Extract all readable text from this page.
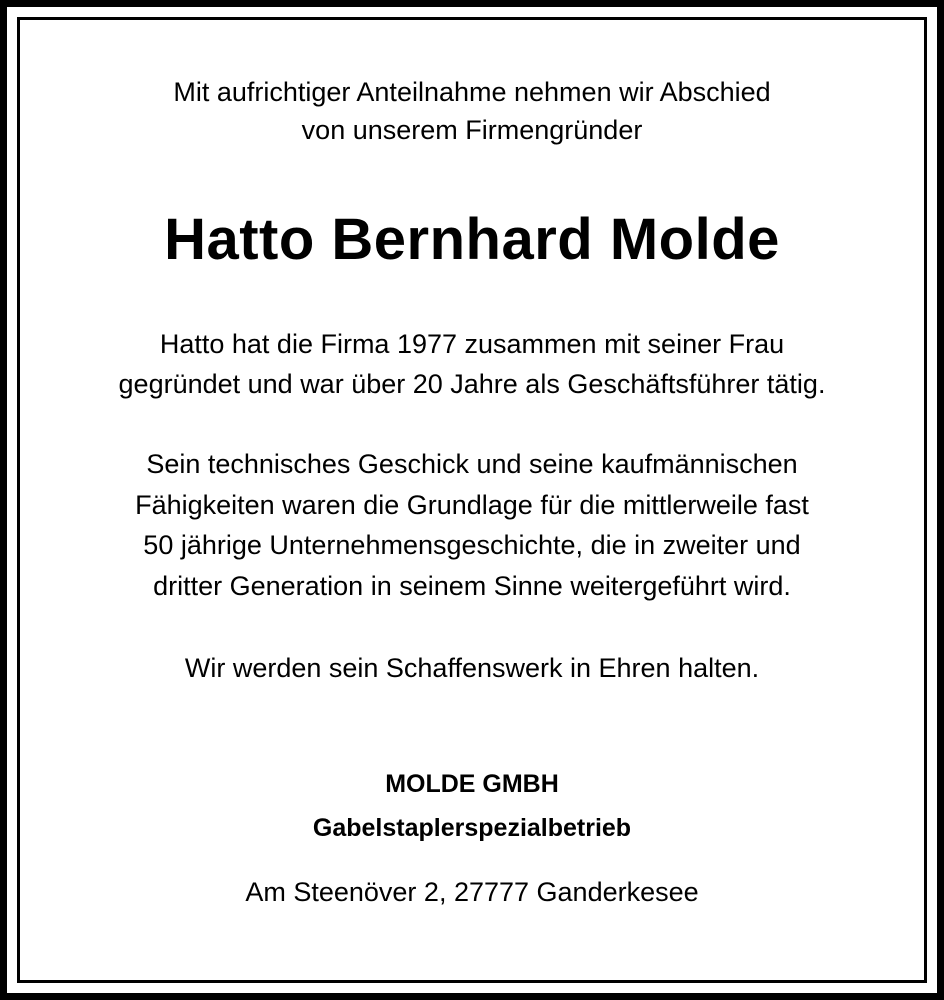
Mit aufrichtiger Anteilnahme nehmen wir Abschied
von unserem Firmengründer
Hatto Bernhard Molde
Hatto hat die Firma 1977 zusammen mit seiner Frau
gegründet und war über 20 Jahre als Geschäftsführer tätig.
Sein technisches Geschick und seine kaufmännischen
Fähigkeiten waren die Grundlage für die mittlerweile fast
50 jährige Unternehmensgeschichte, die in zweiter und
dritter Generation in seinem Sinne weitergeführt wird.
Wir werden sein Schaffenswerk in Ehren halten.
MOLDE GMBH
Gabelstaplerspezialbetrieb
Am Steenöver 2, 27777 Ganderkesee
